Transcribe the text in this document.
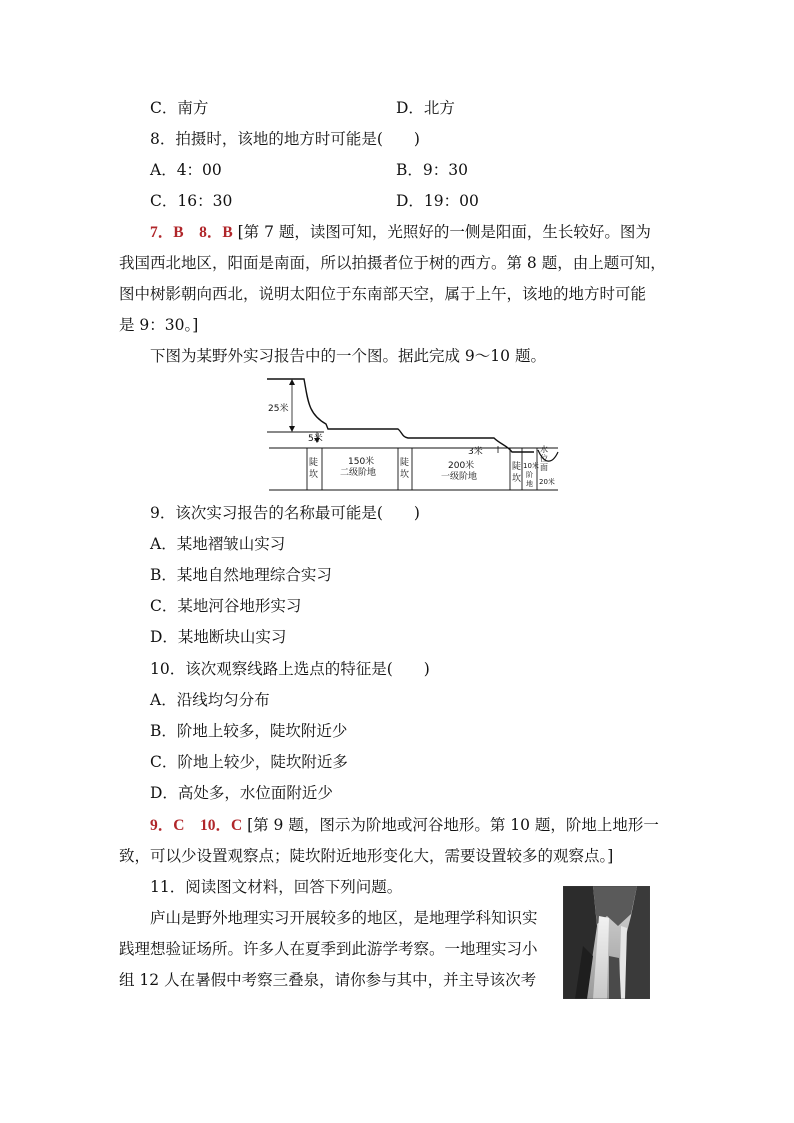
C．南方	D．北方
8．拍摄时，该地的地方时可能是(　　)
A．4：00	B．9：30
C．16：30	D．19：00
7．B　8．B [第 7 题，读图可知，光照好的一侧是阳面，生长较好。图为
我国西北地区，阳面是南面，所以拍摄者位于树的西方。第 8 题，由上题可知，
图中树影朝向西北，说明太阳位于东南部天空，属于上午，该地的地方时可能
是 9：30。]
下图为某野外实习报告中的一个图。据此完成 9～10 题。
25米
5米
3米
陡
坎
150米
二级阶地
陡
坎
200米
一级阶地
陡
坎
水
位
面
10米
阶
地 20米
9．该次实习报告的名称最可能是(　　)
A．某地褶皱山实习
B．某地自然地理综合实习
C．某地河谷地形实习
D．某地断块山实习
10．该次观察线路上选点的特征是(　　)
A．沿线均匀分布
B．阶地上较多，陡坎附近少
C．阶地上较少，陡坎附近多
D．高处多，水位面附近少
9．C　10．C [第 9 题，图示为阶地或河谷地形。第 10 题，阶地上地形一
致，可以少设置观察点；陡坎附近地形变化大，需要设置较多的观察点。]
11．阅读图文材料，回答下列问题。
庐山是野外地理实习开展较多的地区，是地理学科知识实
践理想验证场所。许多人在夏季到此游学考察。一地理实习小
组 12 人在暑假中考察三叠泉，请你参与其中，并主导该次考
